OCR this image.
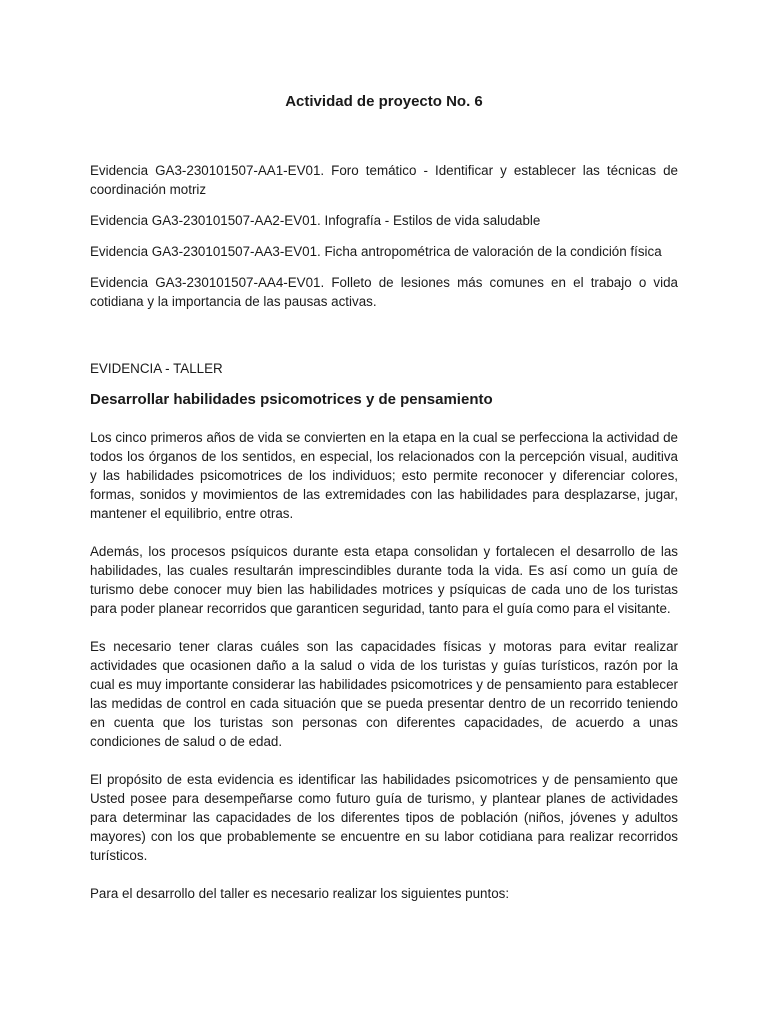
Actividad de proyecto No. 6

Evidencia GA3-230101507-AA1-EV01. Foro temático - Identificar y establecer las técnicas de coordinación motriz

Evidencia GA3-230101507-AA2-EV01. Infografía - Estilos de vida saludable

Evidencia GA3-230101507-AA3-EV01. Ficha antropométrica de valoración de la condición física

Evidencia GA3-230101507-AA4-EV01. Folleto de lesiones más comunes en el trabajo o vida cotidiana y la importancia de las pausas activas.

EVIDENCIA - TALLER

Desarrollar habilidades psicomotrices y de pensamiento

Los cinco primeros años de vida se convierten en la etapa en la cual se perfecciona la actividad de todos los órganos de los sentidos, en especial, los relacionados con la percepción visual, auditiva y las habilidades psicomotrices de los individuos; esto permite reconocer y diferenciar colores, formas, sonidos y movimientos de las extremidades con las habilidades para desplazarse, jugar, mantener el equilibrio, entre otras.

Además, los procesos psíquicos durante esta etapa consolidan y fortalecen el desarrollo de las habilidades, las cuales resultarán imprescindibles durante toda la vida. Es así como un guía de turismo debe conocer muy bien las habilidades motrices y psíquicas de cada uno de los turistas para poder planear recorridos que garanticen seguridad, tanto para el guía como para el visitante.

Es necesario tener claras cuáles son las capacidades físicas y motoras para evitar realizar actividades que ocasionen daño a la salud o vida de los turistas y guías turísticos, razón por la cual es muy importante considerar las habilidades psicomotrices y de pensamiento para establecer las medidas de control en cada situación que se pueda presentar dentro de un recorrido teniendo en cuenta que los turistas son personas con diferentes capacidades, de acuerdo a unas condiciones de salud o de edad.

El propósito de esta evidencia es identificar las habilidades psicomotrices y de pensamiento que Usted posee para desempeñarse como futuro guía de turismo, y plantear planes de actividades para determinar las capacidades de los diferentes tipos de población (niños, jóvenes y adultos mayores) con los que probablemente se encuentre en su labor cotidiana para realizar recorridos turísticos.

Para el desarrollo del taller es necesario realizar los siguientes puntos:
